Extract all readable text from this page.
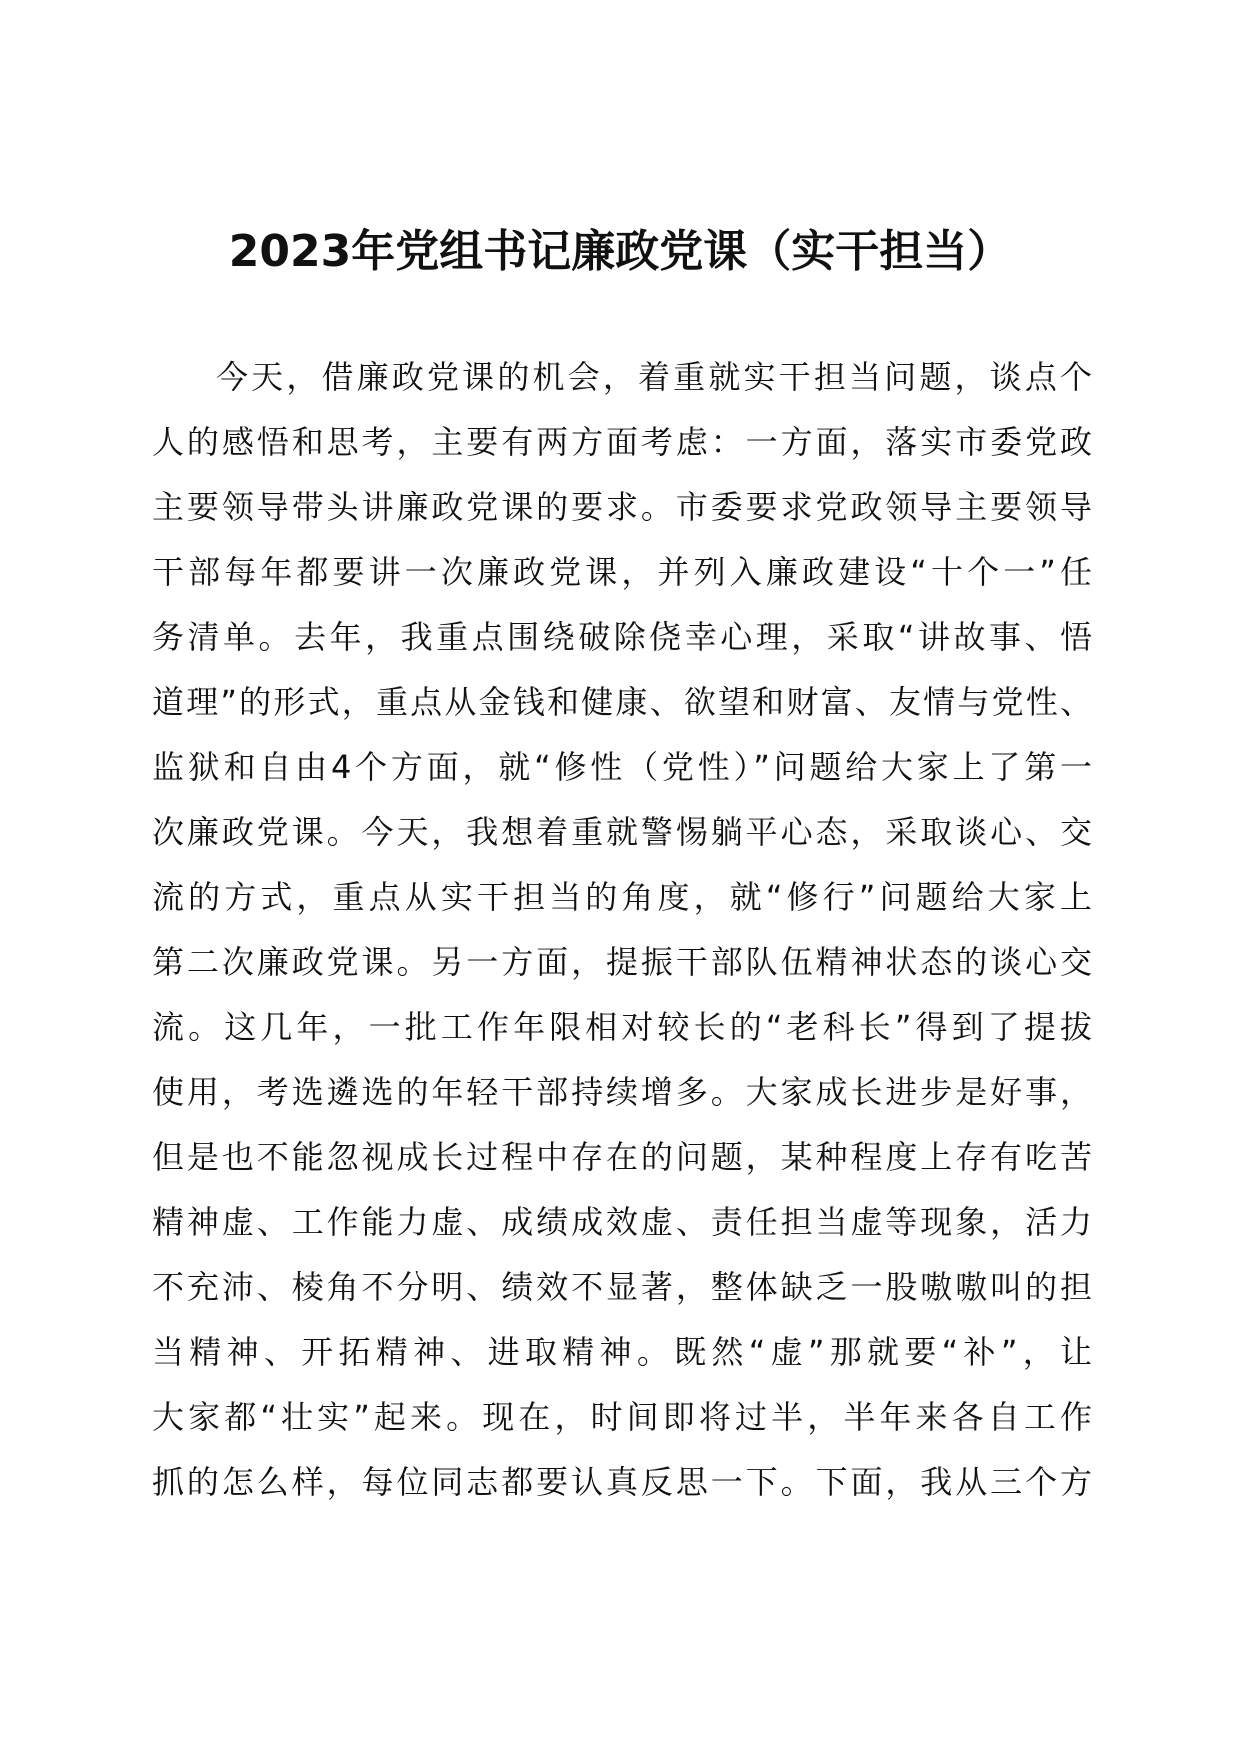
2023年党组书记廉政党课（实干担当）
今天，借廉政党课的机会，着重就实干担当问题，谈点个
人的感悟和思考，主要有两方面考虑：一方面，落实市委党政
主要领导带头讲廉政党课的要求。市委要求党政领导主要领导
干部每年都要讲一次廉政党课，并列入廉政建设“十个一”任
务清单。去年，我重点围绕破除侥幸心理，采取“讲故事、悟
道理”的形式，重点从金钱和健康、欲望和财富、友情与党性、
监狱和自由4个方面，就“修性（党性）”问题给大家上了第一
次廉政党课。今天，我想着重就警惕躺平心态，采取谈心、交
流的方式，重点从实干担当的角度，就“修行”问题给大家上
第二次廉政党课。另一方面，提振干部队伍精神状态的谈心交
流。这几年，一批工作年限相对较长的“老科长”得到了提拔
使用，考选遴选的年轻干部持续增多。大家成长进步是好事，
但是也不能忽视成长过程中存在的问题，某种程度上存有吃苦
精神虚、工作能力虚、成绩成效虚、责任担当虚等现象，活力
不充沛、棱角不分明、绩效不显著，整体缺乏一股嗷嗷叫的担
当精神、开拓精神、进取精神。既然“虚”那就要“补”，让
大家都“壮实”起来。现在，时间即将过半，半年来各自工作
抓的怎么样，每位同志都要认真反思一下。下面，我从三个方
